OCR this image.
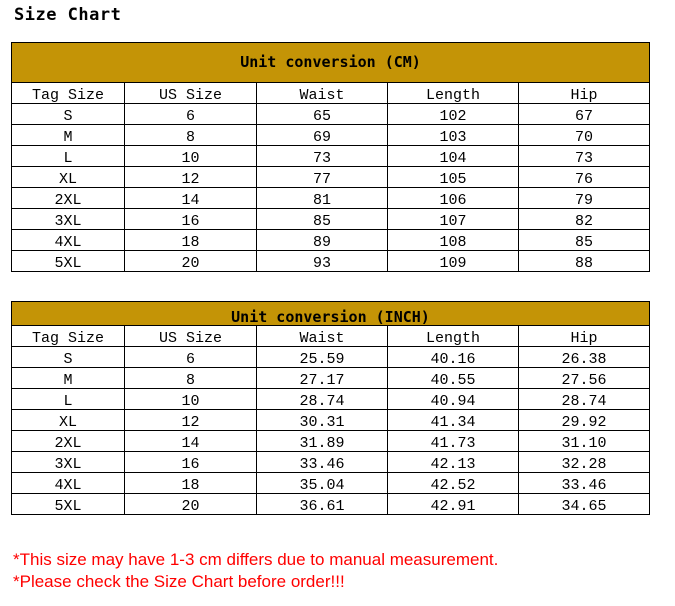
Size Chart
Unit conversion (CM)				
Tag Size	US Size	Waist	Length	Hip
S	6	65	102	67
M	8	69	103	70
L	10	73	104	73
XL	12	77	105	76
2XL	14	81	106	79
3XL	16	85	107	82
4XL	18	89	108	85
5XL	20	93	109	88
Unit conversion (INCH)				
Tag Size	US Size	Waist	Length	Hip
S	6	25.59	40.16	26.38
M	8	27.17	40.55	27.56
L	10	28.74	40.94	28.74
XL	12	30.31	41.34	29.92
2XL	14	31.89	41.73	31.10
3XL	16	33.46	42.13	32.28
4XL	18	35.04	42.52	33.46
5XL	20	36.61	42.91	34.65
*This size may have 1-3 cm differs due to manual measurement.
*Please check the Size Chart before order!!!
